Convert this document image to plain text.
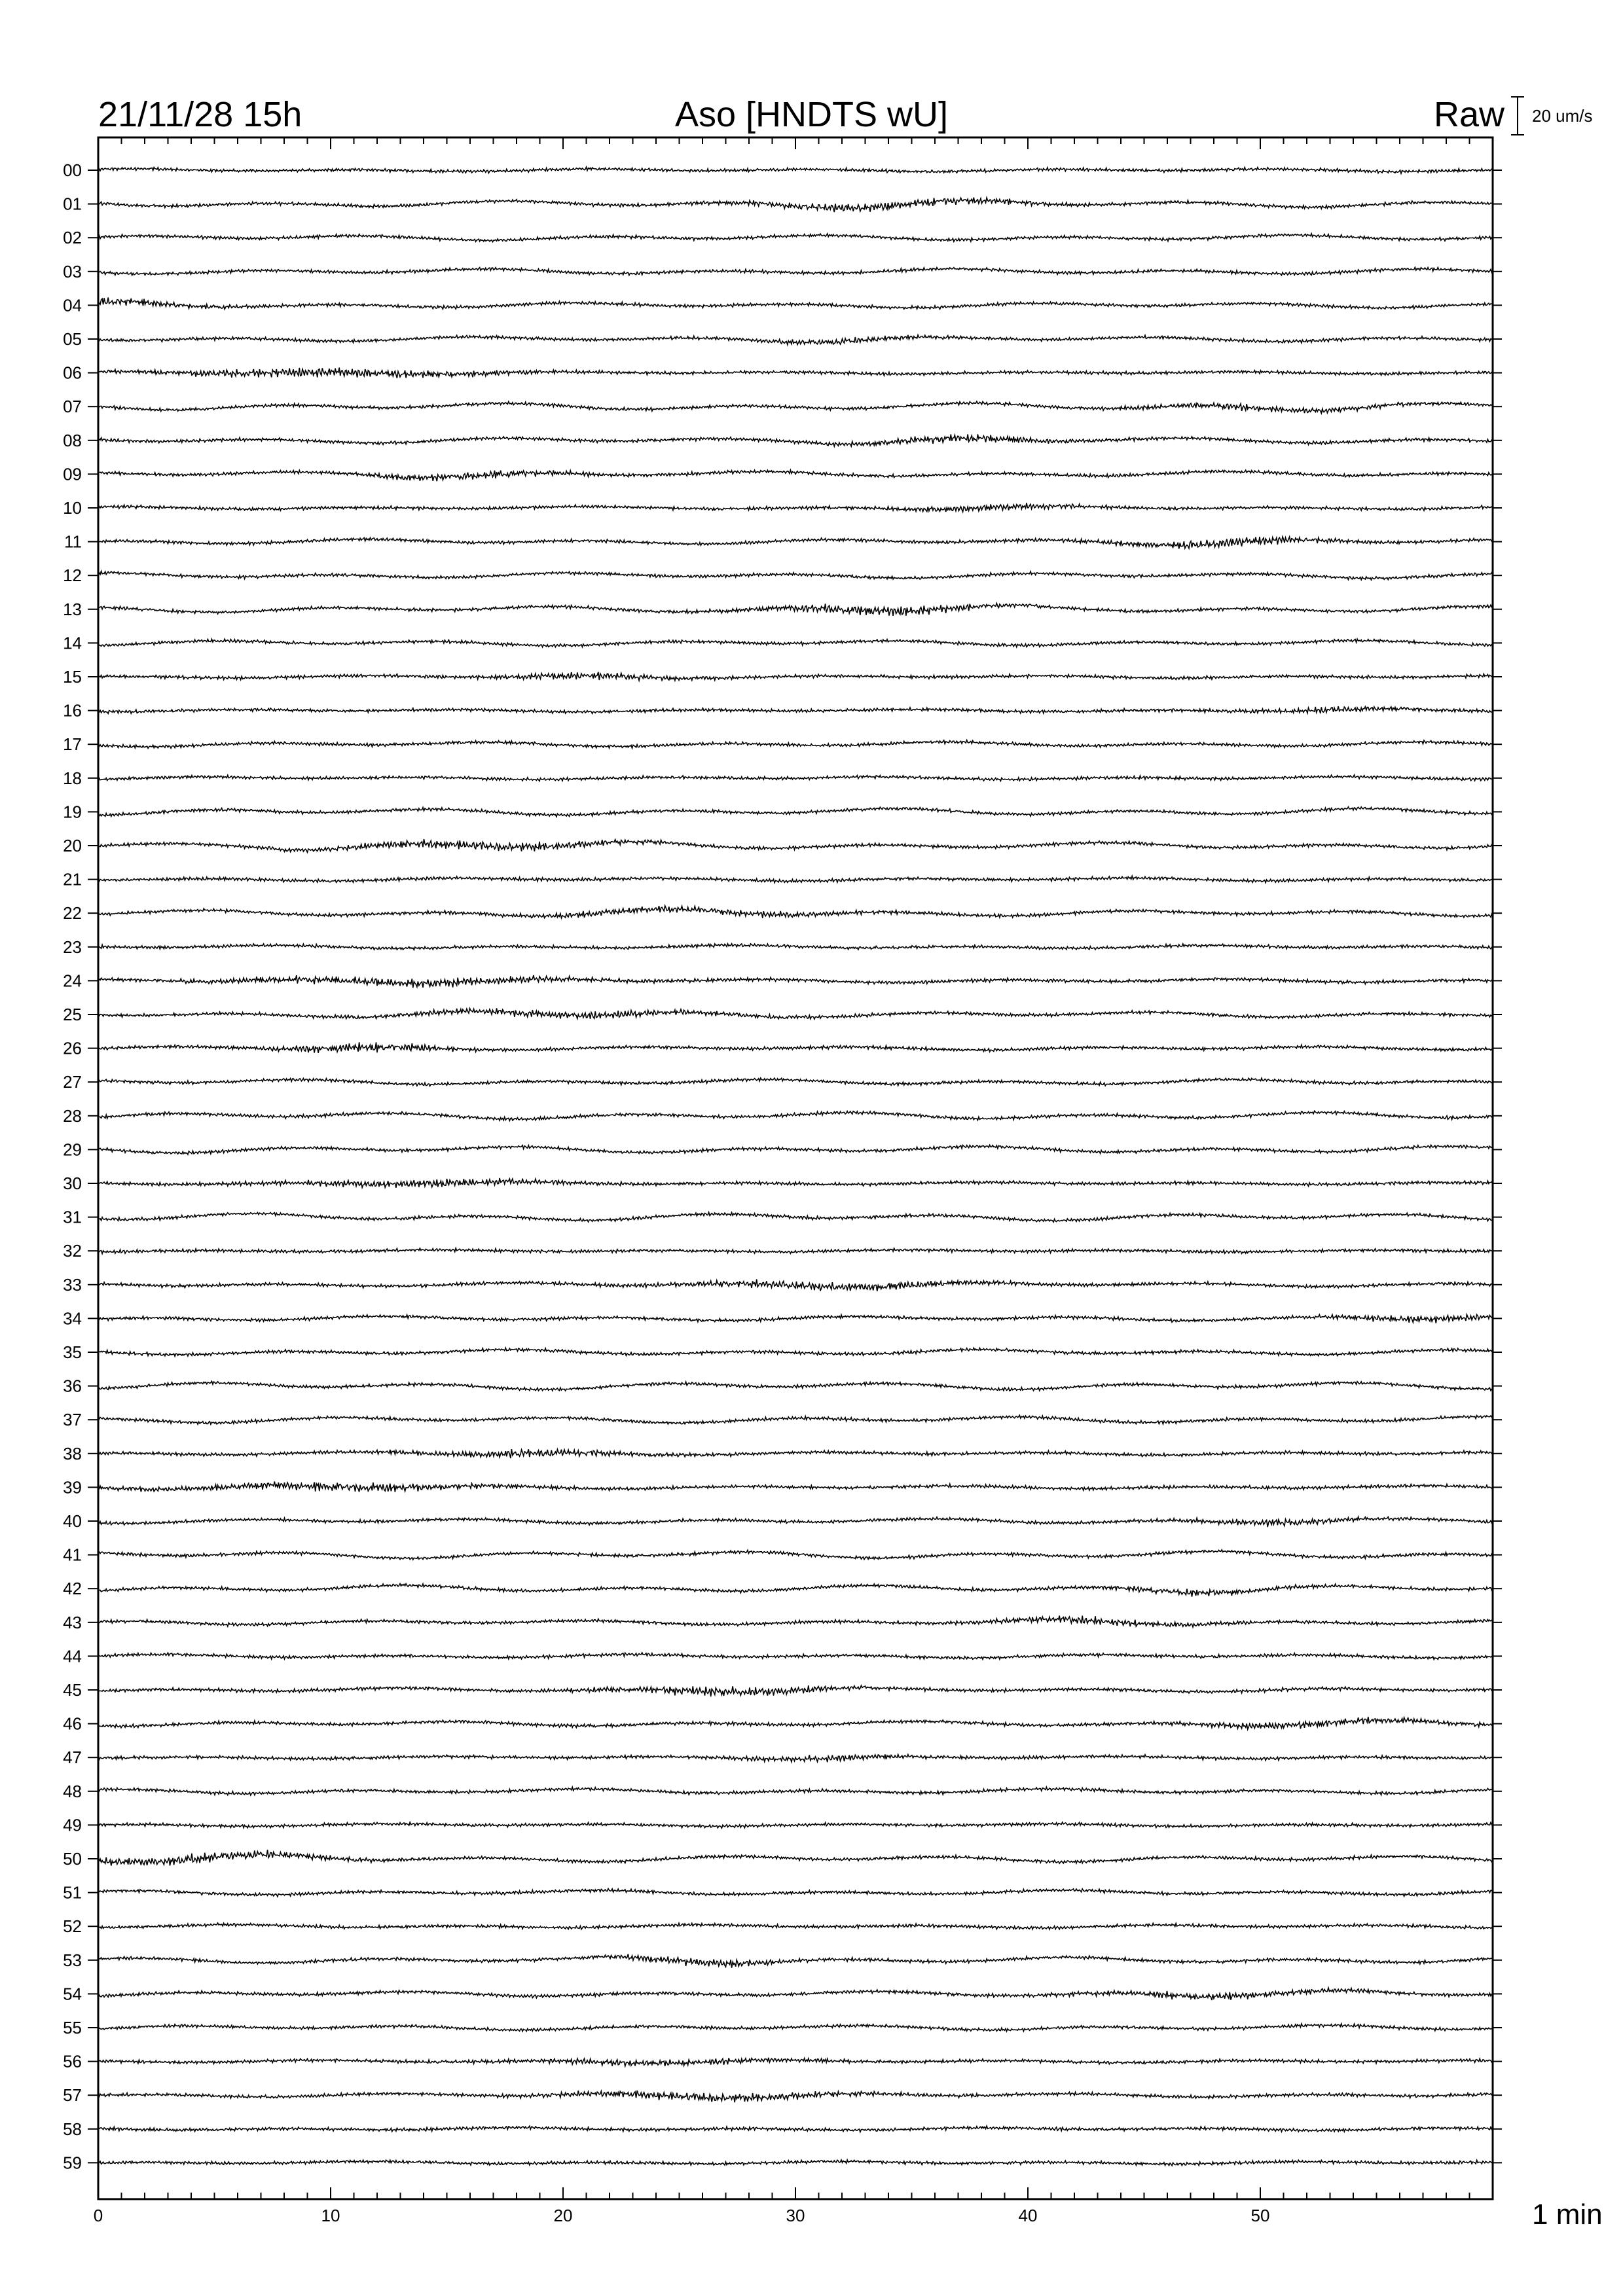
21/11/28 15h	Aso [HNDTS wU]	Raw 20 um/s
1 min
00
01
02
03
04
05
06
07
08
09
10
11
12
13
14
15
16
17
18
19
20
21
22
23
24
25
26
27
28
29
30
31
32
33
34
35
36
37
38
39
40
41
42
43
44
45
46
47
48
49
50
51
52
53
54
55
56
57
58
59
0	10	20	30	40	50
